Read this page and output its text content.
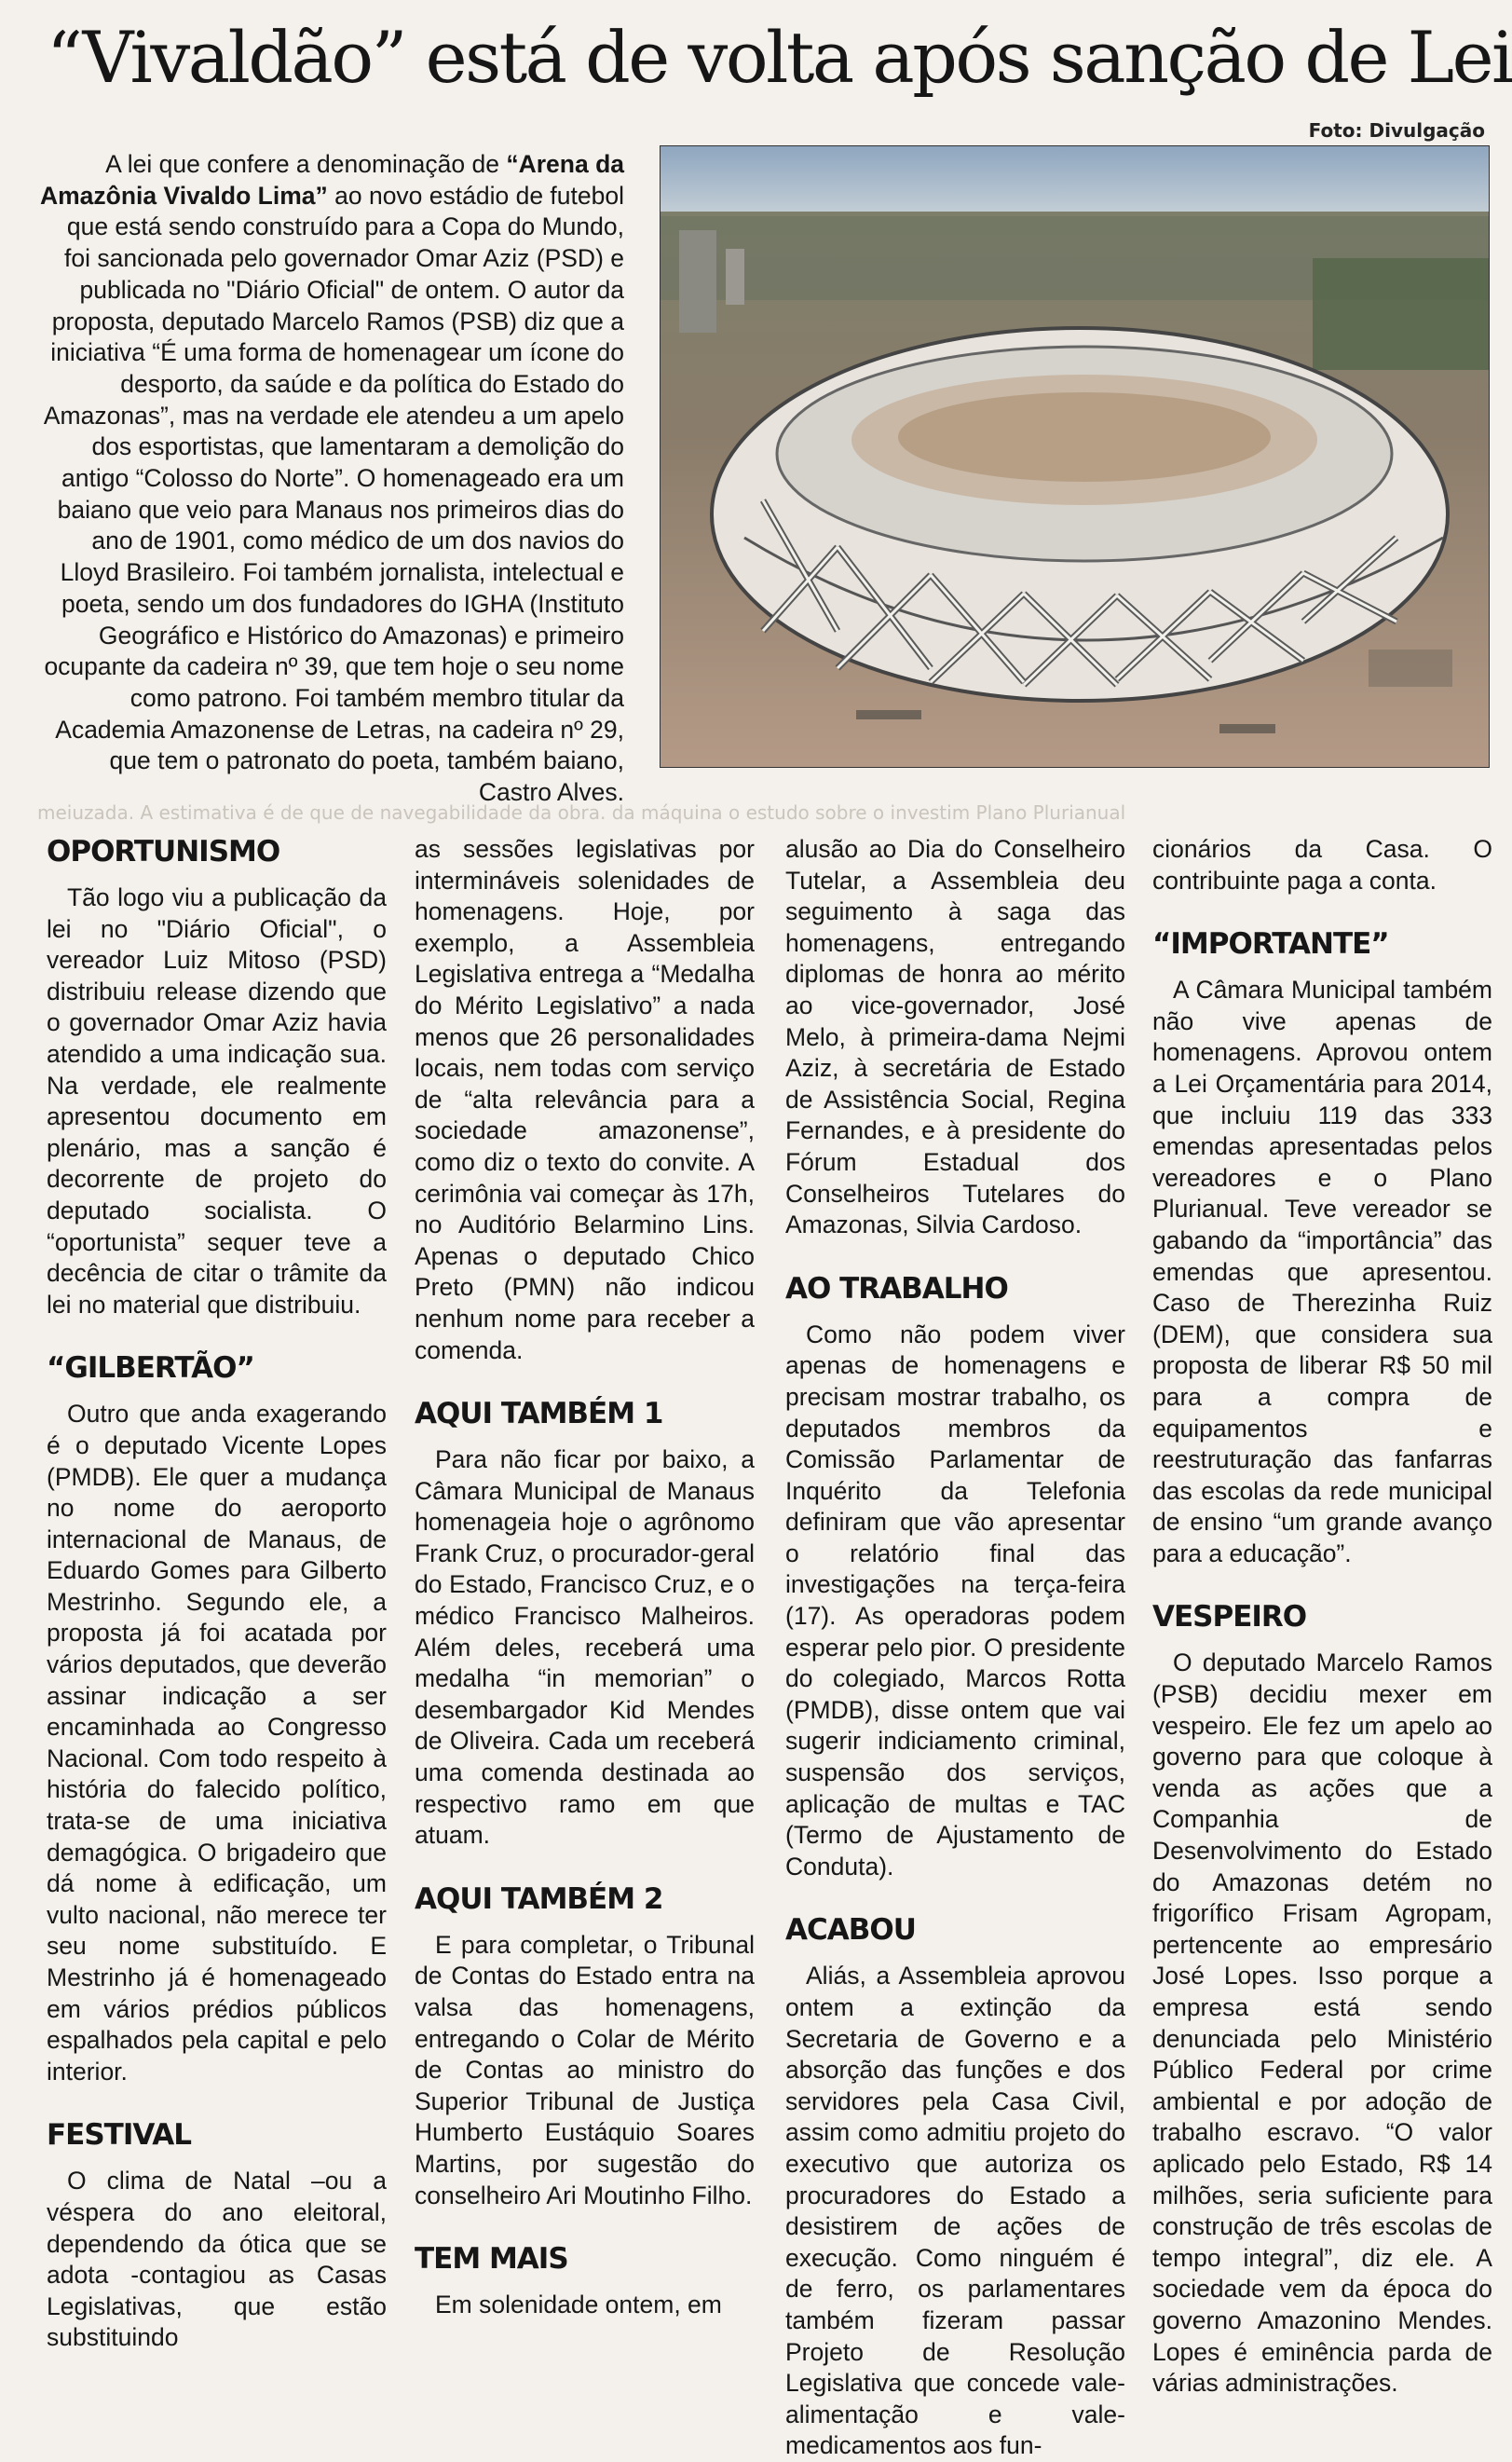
“Vivaldão” está de volta após sanção de Lei
Foto: Divulgação

A lei que confere a denominação de “Arena da Amazônia Vivaldo Lima” ao novo estádio de futebol que está sendo construído para a Copa do Mundo, foi sancionada pelo governador Omar Aziz (PSD) e publicada no "Diário Oficial" de ontem. O autor da proposta, deputado Marcelo Ramos (PSB) diz que a iniciativa “É uma forma de homenagear um ícone do desporto, da saúde e da política do Estado do Amazonas”, mas na verdade ele atendeu a um apelo dos esportistas, que lamentaram a demolição do antigo “Colosso do Norte”. O homenageado era um baiano que veio para Manaus nos primeiros dias do ano de 1901, como médico de um dos navios do Lloyd Brasileiro. Foi também jornalista, intelectual e poeta, sendo um dos fundadores do IGHA (Instituto Geográfico e Histórico do Amazonas) e primeiro ocupante da cadeira nº 39, que tem hoje o seu nome como patrono. Foi também membro titular da Academia Amazonense de Letras, na cadeira nº 29, que tem o patronato do poeta, também baiano, Castro Alves.

meiuzada. A estimativa é de que de navegabilidade da obra. da máquina o estudo sobre o investim Plano Plurianual
OPORTUNISMO

Tão logo viu a publicação da lei no "Diário Oficial", o vereador Luiz Mitoso (PSD) distribuiu release dizendo que o governador Omar Aziz havia atendido a uma indicação sua. Na verdade, ele realmente apresentou documento em plenário, mas a sanção é decorrente de projeto do deputado socialista. O “oportunista” sequer teve a decência de citar o trâmite da lei no material que distribuiu.

“GILBERTÃO”

Outro que anda exagerando é o deputado Vicente Lopes (PMDB). Ele quer a mudança no nome do aeroporto internacional de Manaus, de Eduardo Gomes para Gilberto Mestrinho. Segundo ele, a proposta já foi acatada por vários deputados, que deverão assinar indicação a ser encaminhada ao Congresso Nacional. Com todo respeito à história do falecido político, trata-se de uma iniciativa demagógica. O brigadeiro que dá nome à edificação, um vulto nacional, não merece ter seu nome substituído. E Mestrinho já é homenageado em vários prédios públicos espalhados pela capital e pelo interior.

FESTIVAL

O clima de Natal –ou a véspera do ano eleitoral, dependendo da ótica que se adota -contagiou as Casas Legislativas, que estão substituindo

as sessões legislativas por intermináveis solenidades de homenagens. Hoje, por exemplo, a Assembleia Legislativa entrega a “Medalha do Mérito Legislativo” a nada menos que 26 personalidades locais, nem todas com serviço de “alta relevância para a sociedade amazonense”, como diz o texto do convite. A cerimônia vai começar às 17h, no Auditório Belarmino Lins. Apenas o deputado Chico Preto (PMN) não indicou nenhum nome para receber a comenda.

AQUI TAMBÉM 1

Para não ficar por baixo, a Câmara Municipal de Manaus homenageia hoje o agrônomo Frank Cruz, o procurador-geral do Estado, Francisco Cruz, e o médico Francisco Malheiros. Além deles, receberá uma medalha “in memorian” o desembargador Kid Mendes de Oliveira. Cada um receberá uma comenda destinada ao respectivo ramo em que atuam.

AQUI TAMBÉM 2

E para completar, o Tribunal de Contas do Estado entra na valsa das homenagens, entregando o Colar de Mérito de Contas ao ministro do Superior Tribunal de Justiça Humberto Eustáquio Soares Martins, por sugestão do conselheiro Ari Moutinho Filho.

TEM MAIS

Em solenidade ontem, em

alusão ao Dia do Conselheiro Tutelar, a Assembleia deu seguimento à saga das homenagens, entregando diplomas de honra ao mérito ao vice-governador, José Melo, à primeira-dama Nejmi Aziz, à secretária de Estado de Assistência Social, Regina Fernandes, e à presidente do Fórum Estadual dos Conselheiros Tutelares do Amazonas, Silvia Cardoso.

AO TRABALHO

Como não podem viver apenas de homenagens e precisam mostrar trabalho, os deputados membros da Comissão Parlamentar de Inquérito da Telefonia definiram que vão apresentar o relatório final das investigações na terça-feira (17). As operadoras podem esperar pelo pior. O presidente do colegiado, Marcos Rotta (PMDB), disse ontem que vai sugerir indiciamento criminal, suspensão dos serviços, aplicação de multas e TAC (Termo de Ajustamento de Conduta).

ACABOU

Aliás, a Assembleia aprovou ontem a extinção da Secretaria de Governo e a absorção das funções e dos servidores pela Casa Civil, assim como admitiu projeto do executivo que autoriza os procuradores do Estado a desistirem de ações de execução. Como ninguém é de ferro, os parlamentares também fizeram passar Projeto de Resolução Legislativa que concede vale-alimentação e vale-medicamentos aos fun-

cionários da Casa. O contribuinte paga a conta.

“IMPORTANTE”

A Câmara Municipal também não vive apenas de homenagens. Aprovou ontem a Lei Orçamentária para 2014, que incluiu 119 das 333 emendas apresentadas pelos vereadores e o Plano Plurianual. Teve vereador se gabando da “importância” das emendas que apresentou. Caso de Therezinha Ruiz (DEM), que considera sua proposta de liberar R$ 50 mil para a compra de equipamentos e reestruturação das fanfarras das escolas da rede municipal de ensino “um grande avanço para a educação”.

VESPEIRO

O deputado Marcelo Ramos (PSB) decidiu mexer em vespeiro. Ele fez um apelo ao governo para que coloque à venda as ações que a Companhia de Desenvolvimento do Estado do Amazonas detém no frigorífico Frisam Agropam, pertencente ao empresário José Lopes. Isso porque a empresa está sendo denunciada pelo Ministério Público Federal por crime ambiental e por adoção de trabalho escravo. “O valor aplicado pelo Estado, R$ 14 milhões, seria suficiente para construção de três escolas de tempo integral”, diz ele. A sociedade vem da época do governo Amazonino Mendes. Lopes é eminência parda de várias administrações.
